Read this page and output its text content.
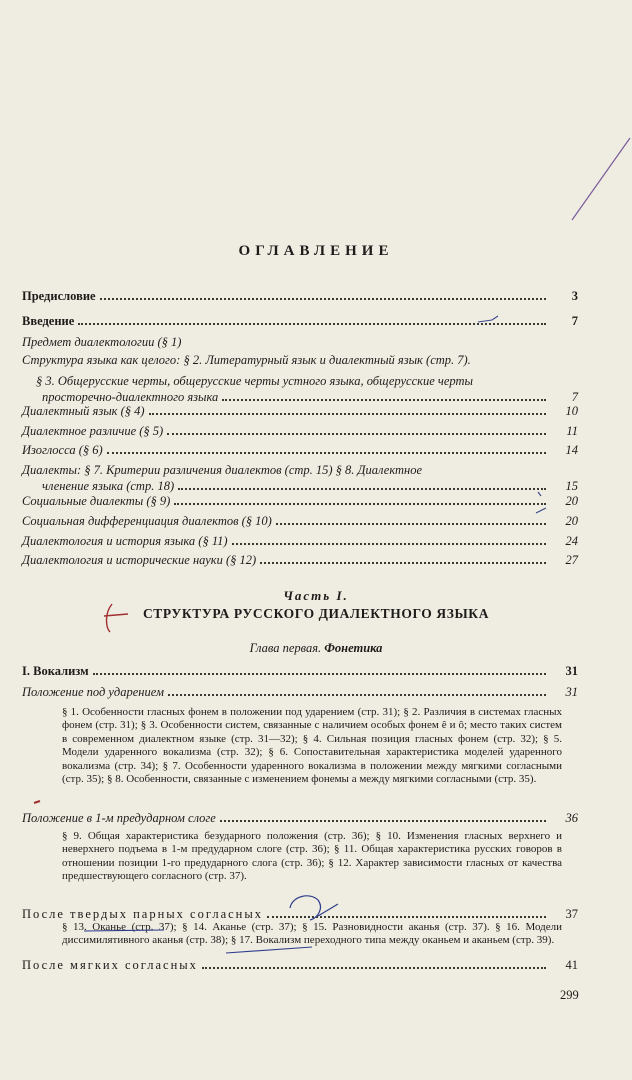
ОГЛАВЛЕНИЕ
Предисловие	3
Введение	7
Предмет диалектологии (§ 1)
Структура языка как целого: § 2. Литературный язык и диалектный язык (стр. 7).
§ 3. Общерусские черты, общерусские черты устного языка, общерусские черты
просторечно-диалектного языка	7
Диалектный язык (§ 4)	10
Диалектное различие (§ 5)	11
Изоглосса (§ 6)	14
Диалекты: § 7. Критерии различения диалектов (стр. 15) § 8. Диалектное
членение языка (стр. 18)	15
Социальные диалекты (§ 9)	20
Социальная дифференциация диалектов (§ 10)	20
Диалектология и история языка (§ 11)	24
Диалектология и исторические науки (§ 12)	27
Часть I.
СТРУКТУРА РУССКОГО ДИАЛЕКТНОГО ЯЗЫКА
Глава первая. Фонетика
I. Вокализм	31
Положение под ударением	31
§ 1. Особенности гласных фонем в положении под ударением (стр. 31); § 2. Различия в системах гласных фонем (стр. 31); § 3. Особенности систем, связанные с наличием особых фонем ê и ô; место таких систем в современном диалектном языке (стр. 31—32); § 4. Сильная позиция гласных фонем (стр. 32); § 5. Модели ударенного вокализма (стр. 32); § 6. Сопоставительная характеристика моделей ударенного вокализма (стр. 34); § 7. Особенности ударенного вокализма в положении между мягкими согласными (стр. 35); § 8. Особенности, связанные с изменением фонемы a между мягкими согласными (стр. 35).
Положение в 1-м предударном слоге	36
§ 9. Общая характеристика безударного положения (стр. 36); § 10. Изменения гласных верхнего и неверхнего подъема в 1-м предударном слоге (стр. 36); § 11. Общая характеристика русских говоров в отношении позиции 1-го предударного слога (стр. 36); § 12. Характер зависимости гласных от качества предшествующего согласного (стр. 37).
После твердых парных согласных	37
§ 13. Оканье (стр. 37); § 14. Аканье (стр. 37); § 15. Разновидности аканья (стр. 37). § 16. Модели диссимилятивного аканья (стр. 38); § 17. Вокализм переходного типа между оканьем и аканьем (стр. 39).
После мягких согласных	41
299
